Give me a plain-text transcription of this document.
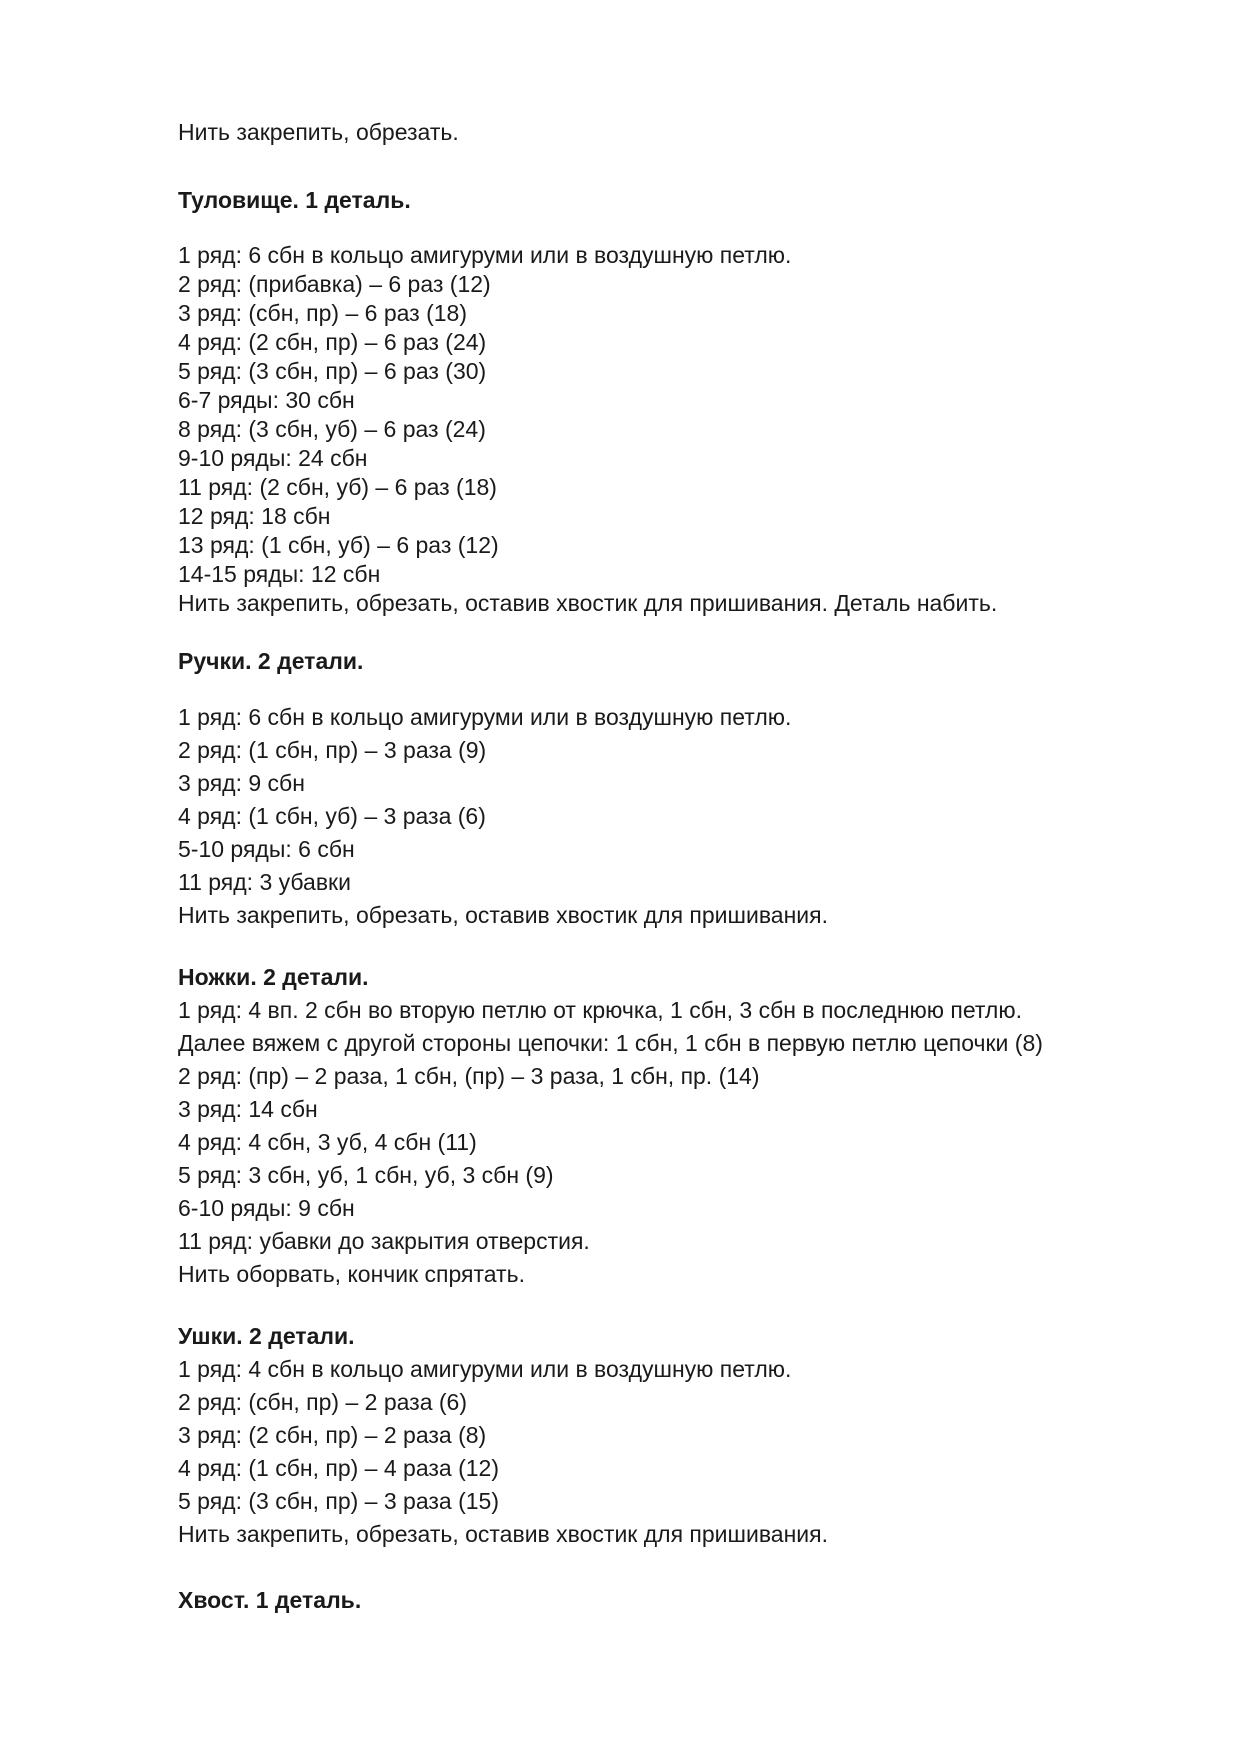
Нить закрепить, обрезать.

Туловище. 1 деталь.

1 ряд: 6 сбн в кольцо амигуруми или в воздушную петлю.

2 ряд: (прибавка) – 6 раз (12)

3 ряд: (сбн, пр) – 6 раз (18)

4 ряд: (2 сбн, пр) – 6 раз (24)

5 ряд: (3 сбн, пр) – 6 раз (30)

6-7 ряды: 30 сбн

8 ряд: (3 сбн, уб) – 6 раз (24)

9-10 ряды: 24 сбн

11 ряд: (2 сбн, уб) – 6 раз (18)

12 ряд: 18 сбн

13 ряд: (1 сбн, уб) – 6 раз (12)

14-15 ряды: 12 сбн

Нить закрепить, обрезать, оставив хвостик для пришивания. Деталь набить.

Ручки. 2 детали.

1 ряд: 6 сбн в кольцо амигуруми или в воздушную петлю.

2 ряд: (1 сбн, пр) – 3 раза (9)

3 ряд: 9 сбн

4 ряд: (1 сбн, уб) – 3 раза (6)

5-10 ряды: 6 сбн

11 ряд: 3 убавки

Нить закрепить, обрезать, оставив хвостик для пришивания.

Ножки. 2 детали.

1 ряд: 4 вп. 2 сбн во вторую петлю от крючка, 1 сбн, 3 сбн в последнюю петлю.

Далее вяжем с другой стороны цепочки: 1 сбн, 1 сбн в первую петлю цепочки (8)

2 ряд: (пр) – 2 раза, 1 сбн, (пр) – 3 раза, 1 сбн, пр. (14)

3 ряд: 14 сбн

4 ряд: 4 сбн, 3 уб, 4 сбн (11)

5 ряд: 3 сбн, уб, 1 сбн, уб, 3 сбн (9)

6-10 ряды: 9 сбн

11 ряд: убавки до закрытия отверстия.

Нить оборвать, кончик спрятать.

Ушки. 2 детали.

1 ряд: 4 сбн в кольцо амигуруми или в воздушную петлю.

2 ряд: (сбн, пр) – 2 раза (6)

3 ряд: (2 сбн, пр) – 2 раза (8)

4 ряд: (1 сбн, пр) – 4 раза (12)

5 ряд: (3 сбн, пр) – 3 раза (15)

Нить закрепить, обрезать, оставив хвостик для пришивания.

Хвост. 1 деталь.
